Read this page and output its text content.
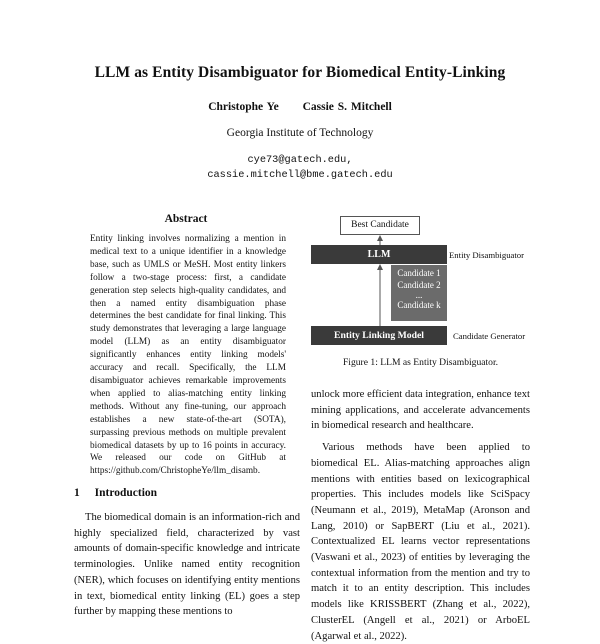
LLM as Entity Disambiguator for Biomedical Entity-Linking
Christophe Ye Cassie S. Mitchell
Georgia Institute of Technology
cye73@gatech.edu,
cassie.mitchell@bme.gatech.edu
Abstract
Entity linking involves normalizing a mention in medical text to a unique identifier in a knowledge base, such as UMLS or MeSH. Most entity linkers follow a two-stage process: first, a candidate generation step selects high-quality candidates, and then a named entity disambiguation phase determines the best candidate for final linking. This study demonstrates that leveraging a large language model (LLM) as an entity disambiguator significantly enhances entity linking models' accuracy and recall. Specifically, the LLM disambiguator achieves remarkable improvements when applied to alias-matching entity linking methods. Without any fine-tuning, our approach establishes a new state-of-the-art (SOTA), surpassing previous methods on multiple prevalent biomedical datasets by up to 16 points in accuracy. We released our code on GitHub at https://github.com/ChristopheYe/llm_disamb.
1 Introduction

The biomedical domain is an information-rich and highly specialized field, characterized by vast amounts of domain-specific knowledge and intricate terminologies. Unlike named entity recognition (NER), which focuses on identifying entity mentions in text, biomedical entity linking (EL) goes a step further by mapping these mentions to

Best Candidate
LLM	Entity Disambiguator
Candidate 1
Candidate 2
...
Candidate k
Entity Linking Model	Candidate Generator
Figure 1: LLM as Entity Disambiguator.

unlock more efficient data integration, enhance text mining applications, and accelerate advancements in biomedical research and healthcare.

Various methods have been applied to biomedical EL. Alias-matching approaches align mentions with entities based on lexicographical properties. This includes models like SciSpacy (Neumann et al., 2019), MetaMap (Aronson and Lang, 2010) or SapBERT (Liu et al., 2021). Contextualized EL learns vector representations (Vaswani et al., 2023) of entities by leveraging the contextual information from the mention and try to match it to an entity description. This includes models like KRISSBERT (Zhang et al., 2022), ClusterEL (Angell et al., 2021) or ArboEL (Agarwal et al., 2022).
